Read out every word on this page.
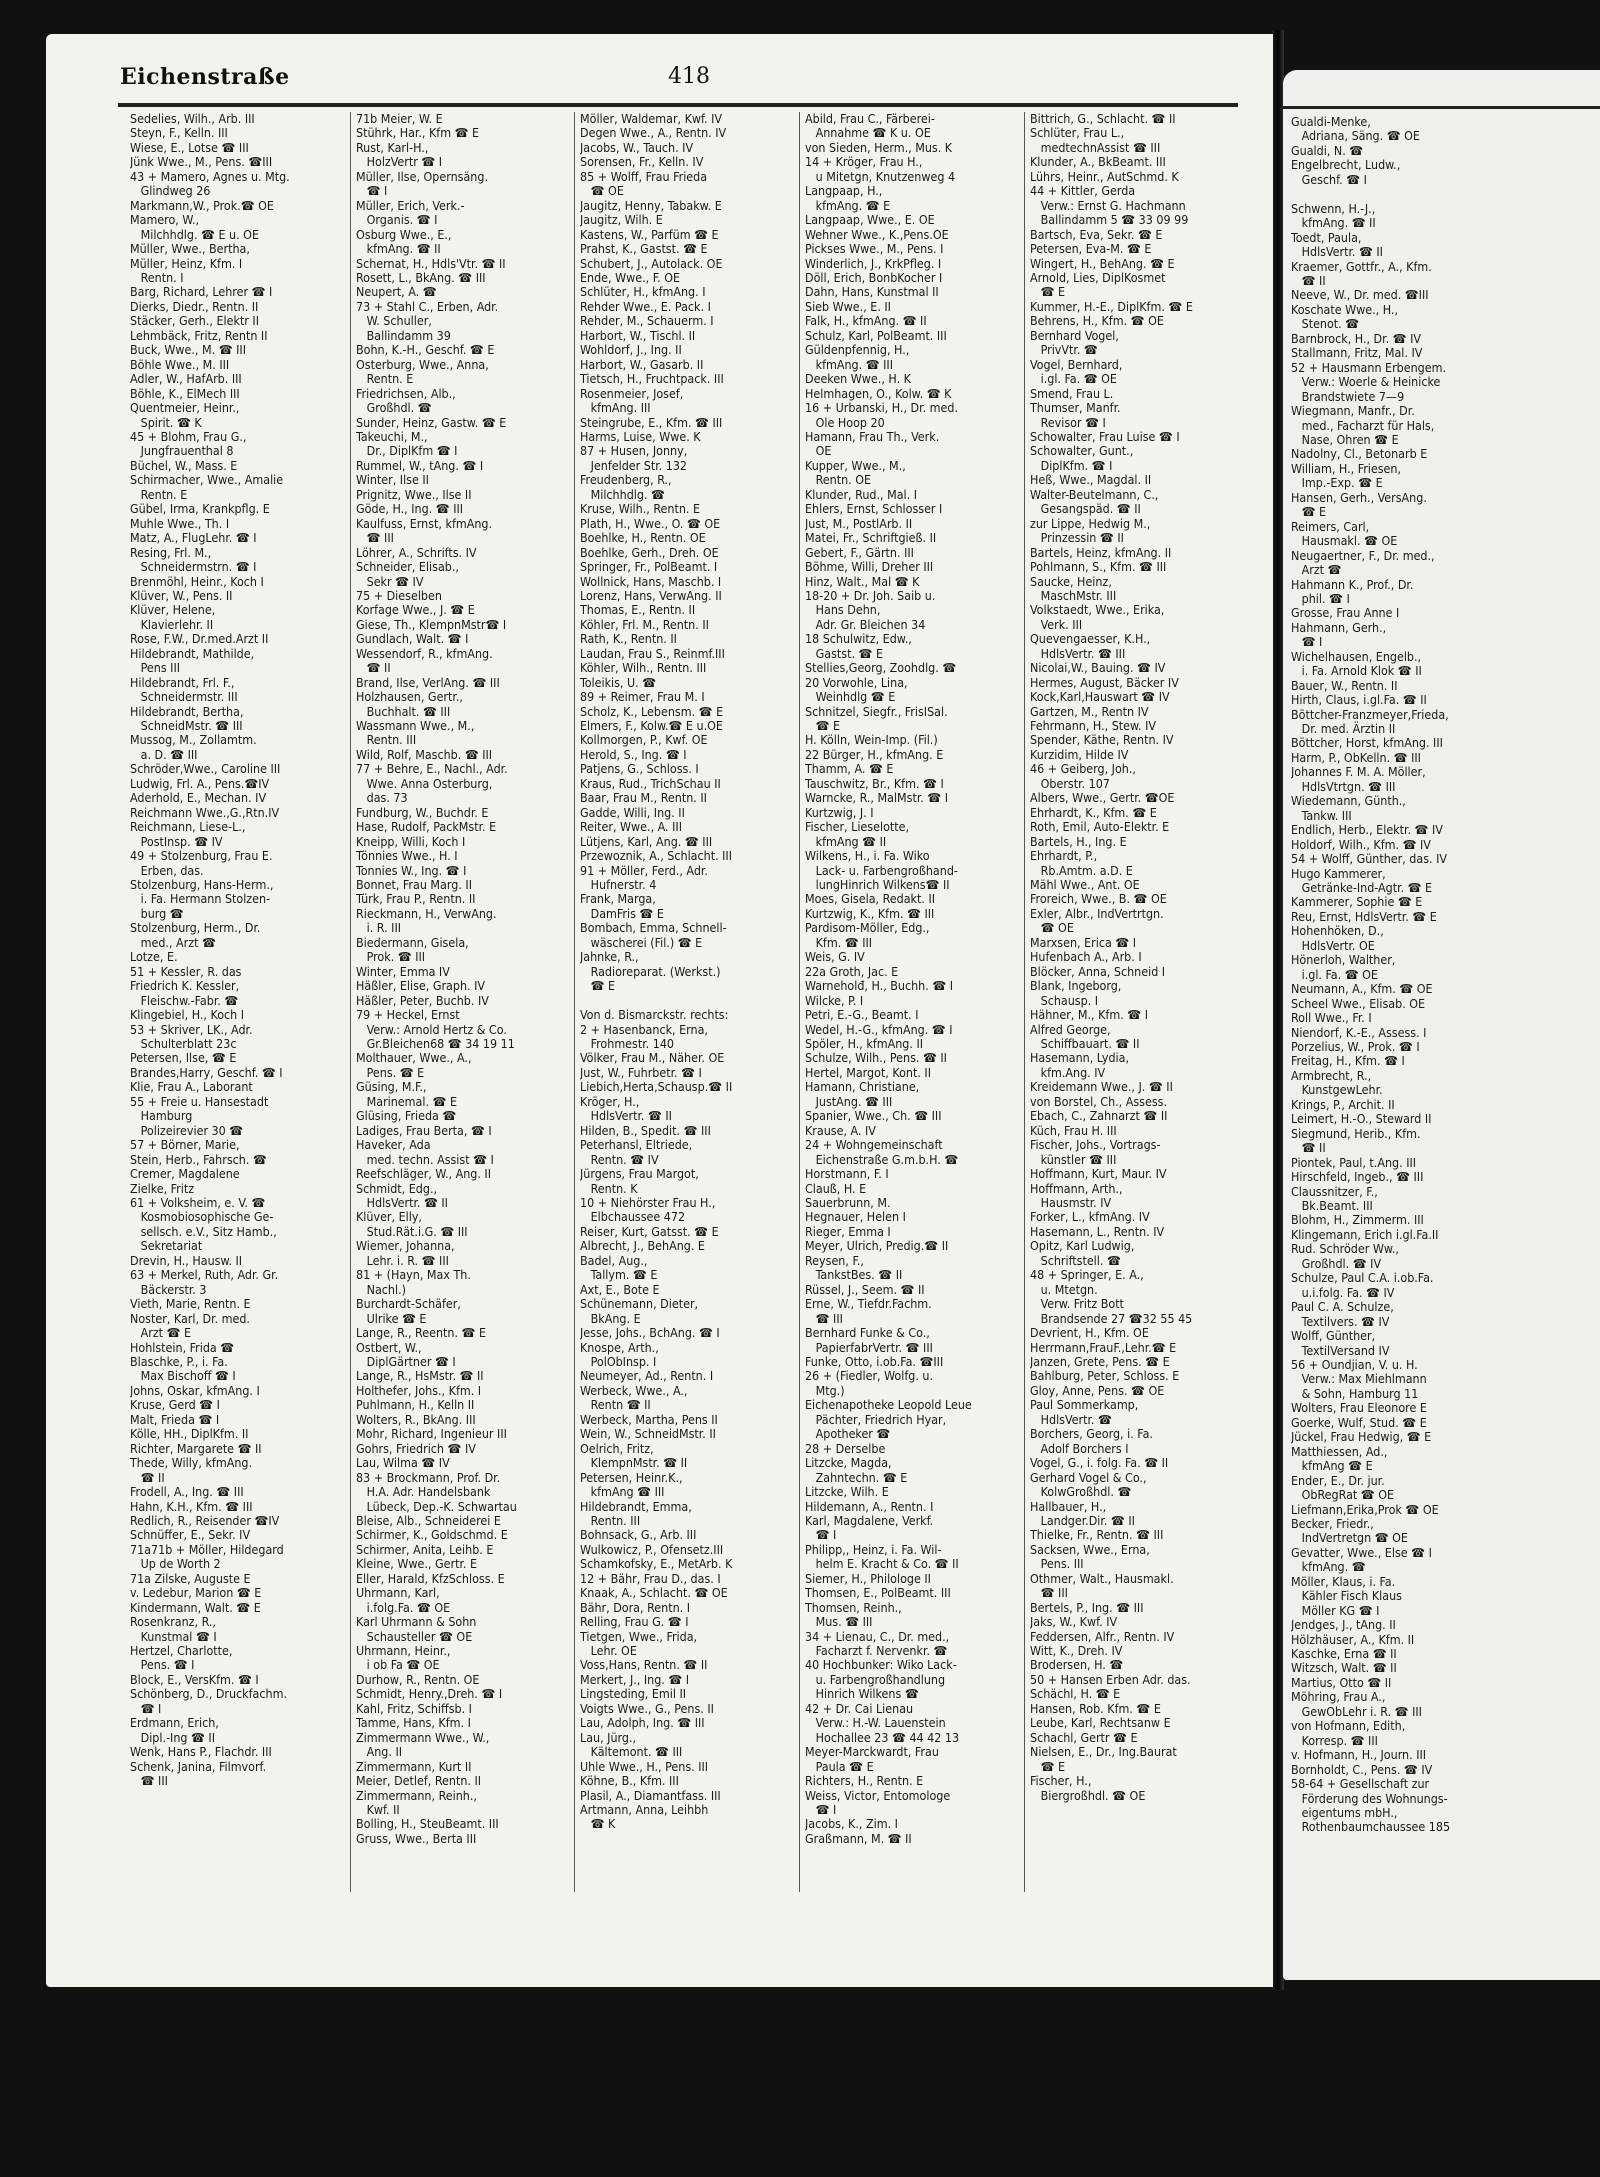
Eichenstraße	418
Sedelies, Wilh., Arb. III
Steyn, F., Kelln. III
Wiese, E., Lotse ☎ III
Jünk Wwe., M., Pens. ☎III
43 + Mamero, Agnes u. Mtg.
Glindweg 26
Markmann,W., Prok.☎ OE
Mamero, W.,
Milchhdlg. ☎ E u. OE
Müller, Wwe., Bertha,
Müller, Heinz, Kfm. I
Rentn. I
Barg, Richard, Lehrer ☎ I
Dierks, Diedr., Rentn. II
Stäcker, Gerh., Elektr II
Lehmbäck, Fritz, Rentn II
Buck, Wwe., M. ☎ III
Böhle Wwe., M. III
Adler, W., HafArb. III
Böhle, K., ElMech III
Quentmeier, Heinr.,
Spirit. ☎ K
45 + Blohm, Frau G.,
Jungfrauenthal 8
Büchel, W., Mass. E
Schirmacher, Wwe., Amalie
Rentn. E
Gübel, Irma, Krankpflg. E
Muhle Wwe., Th. I
Matz, A., FlugLehr. ☎ I
Resing, Frl. M.,
Schneidermstrn. ☎ I
Brenmöhl, Heinr., Koch I
Klüver, W., Pens. II
Klüver, Helene,
Klavierlehr. II
Rose, F.W., Dr.med.Arzt II
Hildebrandt, Mathilde,
Pens III
Hildebrandt, Frl. F.,
Schneidermstr. III
Hildebrandt, Bertha,
SchneidMstr. ☎ III
Mussog, M., Zollamtm.
a. D. ☎ III
Schröder,Wwe., Caroline III
Ludwig, Frl. A., Pens.☎IV
Aderhold, E., Mechan. IV
Reichmann Wwe.,G.,Rtn.IV
Reichmann, Liese-L.,
PostInsp. ☎ IV
49 + Stolzenburg, Frau E.
Erben, das.
Stolzenburg, Hans-Herm.,
i. Fa. Hermann Stolzen-
burg ☎
Stolzenburg, Herm., Dr.
med., Arzt ☎
Lotze, E.
51 + Kessler, R. das
Friedrich K. Kessler,
Fleischw.-Fabr. ☎
Klingebiel, H., Koch I
53 + Skriver, LK., Adr.
Schulterblatt 23c
Petersen, Ilse, ☎ E
Brandes,Harry, Geschf. ☎ I
Klie, Frau A., Laborant
55 + Freie u. Hansestadt
Hamburg
Polizeirevier 30 ☎
57 + Börner, Marie,
Stein, Herb., Fahrsch. ☎
Cremer, Magdalene
Zielke, Fritz
61 + Volksheim, e. V. ☎
Kosmobiosophische Ge-
sellsch. e.V., Sitz Hamb.,
Sekretariat
Drevin, H., Hausw. II
63 + Merkel, Ruth, Adr. Gr.
Bäckerstr. 3
Vieth, Marie, Rentn. E
Noster, Karl, Dr. med.
Arzt ☎ E
Hohlstein, Frida ☎
Blaschke, P., i. Fa.
Max Bischoff ☎ I
Johns, Oskar, kfmAng. I
Kruse, Gerd ☎ I
Malt, Frieda ☎ I
Kölle, HH., DiplKfm. II
Richter, Margarete ☎ II
Thede, Willy, kfmAng.
☎ II
Frodell, A., Ing. ☎ III
Hahn, K.H., Kfm. ☎ III
Redlich, R., Reisender ☎IV
Schnüffer, E., Sekr. IV
71a71b + Möller, Hildegard
Up de Worth 2
71a Zilske, Auguste E
v. Ledebur, Marion ☎ E
Kindermann, Walt. ☎ E
Rosenkranz, R.,
Kunstmal ☎ I
Hertzel, Charlotte,
Pens. ☎ I
Block, E., VersKfm. ☎ I
Schönberg, D., Druckfachm.
☎ I
Erdmann, Erich,
Dipl.-Ing ☎ II
Wenk, Hans P., Flachdr. III
Schenk, Janina, Filmvorf.
☎ III
71b Meier, W. E
Stührk, Har., Kfm ☎ E
Rust, Karl-H.,
HolzVertr ☎ I
Müller, Ilse, Opernsäng.
☎ I
Müller, Erich, Verk.-
Organis. ☎ I
Osburg Wwe., E.,
kfmAng. ☎ II
Schernat, H., Hdls'Vtr. ☎ II
Rosett, L., BkAng. ☎ III
Neupert, A. ☎
73 + Stahl C., Erben, Adr.
W. Schuller,
Ballindamm 39
Bohn, K.-H., Geschf. ☎ E
Osterburg, Wwe., Anna,
Rentn. E
Friedrichsen, Alb.,
Großhdl. ☎
Sunder, Heinz, Gastw. ☎ E
Takeuchi, M.,
Dr., DiplKfm ☎ I
Rummel, W., tAng. ☎ I
Winter, Ilse II
Prignitz, Wwe., Ilse II
Göde, H., Ing. ☎ III
Kaulfuss, Ernst, kfmAng.
☎ III
Löhrer, A., Schrifts. IV
Schneider, Elisab.,
Sekr ☎ IV
75 + Dieselben
Korfage Wwe., J. ☎ E
Giese, Th., KlempnMstr☎ I
Gundlach, Walt. ☎ I
Wessendorf, R., kfmAng.
☎ II
Brand, Ilse, VerlAng. ☎ III
Holzhausen, Gertr.,
Buchhalt. ☎ III
Wassmann Wwe., M.,
Rentn. III
Wild, Rolf, Maschb. ☎ III
77 + Behre, E., Nachl., Adr.
Wwe. Anna Osterburg,
das. 73
Fundburg, W., Buchdr. E
Hase, Rudolf, PackMstr. E
Kneipp, Willi, Koch I
Tönnies Wwe., H. I
Tonnies W., Ing. ☎ I
Bonnet, Frau Marg. II
Türk, Frau P., Rentn. II
Rieckmann, H., VerwAng.
i. R. III
Biedermann, Gisela,
Prok. ☎ III
Winter, Emma IV
Häßler, Elise, Graph. IV
Häßler, Peter, Buchb. IV
79 + Heckel, Ernst
Verw.: Arnold Hertz & Co.
Gr.Bleichen68 ☎ 34 19 11
Molthauer, Wwe., A.,
Pens. ☎ E
Güsing, M.F.,
Marinemal. ☎ E
Glüsing, Frieda ☎
Ladiges, Frau Berta, ☎ I
Haveker, Ada
med. techn. Assist ☎ I
Reefschläger, W., Ang. II
Schmidt, Edg.,
HdlsVertr. ☎ II
Klüver, Elly,
Stud.Rät.i.G. ☎ III
Wiemer, Johanna,
Lehr. i. R. ☎ III
81 + (Hayn, Max Th.
Nachl.)
Burchardt-Schäfer,
Ulrike ☎ E
Lange, R., Reentn. ☎ E
Ostbert, W.,
DiplGärtner ☎ I
Lange, R., HsMstr. ☎ II
Holthefer, Johs., Kfm. I
Puhlmann, H., Kelln II
Wolters, R., BkAng. III
Mohr, Richard, Ingenieur III
Gohrs, Friedrich ☎ IV
Lau, Wilma ☎ IV
83 + Brockmann, Prof. Dr.
H.A. Adr. Handelsbank
Lübeck, Dep.-K. Schwartau
Bleise, Alb., Schneiderei E
Schirmer, K., Goldschmd. E
Schirmer, Anita, Leihb. E
Kleine, Wwe., Gertr. E
Eller, Harald, KfzSchloss. E
Uhrmann, Karl,
i.folg.Fa. ☎ OE
Karl Uhrmann & Sohn
Schausteller ☎ OE
Uhrmann, Heinr.,
i ob Fa ☎ OE
Durhow, R., Rentn. OE
Schmidt, Henry.,Dreh. ☎ I
Kahl, Fritz, Schiffsb. I
Tamme, Hans, Kfm. I
Zimmermann Wwe., W.,
Ang. II
Zimmermann, Kurt II
Meier, Detlef, Rentn. II
Zimmermann, Reinh.,
Kwf. II
Bolling, H., SteuBeamt. III
Gruss, Wwe., Berta III
Möller, Waldemar, Kwf. IV
Degen Wwe., A., Rentn. IV
Jacobs, W., Tauch. IV
Sorensen, Fr., Kelln. IV
85 + Wolff, Frau Frieda
☎ OE
Jaugitz, Henny, Tabakw. E
Jaugitz, Wilh. E
Kastens, W., Parfüm ☎ E
Prahst, K., Gastst. ☎ E
Schubert, J., Autolack. OE
Ende, Wwe., F. OE
Schlüter, H., kfmAng. I
Rehder Wwe., E. Pack. I
Rehder, M., Schauerm. I
Harbort, W., Tischl. II
Wohldorf, J., Ing. II
Harbort, W., Gasarb. II
Tietsch, H., Fruchtpack. III
Rosenmeier, Josef,
kfmAng. III
Steingrube, E., Kfm. ☎ III
Harms, Luise, Wwe. K
87 + Husen, Jonny,
Jenfelder Str. 132
Freudenberg, R.,
Milchhdlg. ☎
Kruse, Wilh., Rentn. E
Plath, H., Wwe., O. ☎ OE
Boehlke, H., Rentn. OE
Boehlke, Gerh., Dreh. OE
Springer, Fr., PolBeamt. I
Wollnick, Hans, Maschb. I
Lorenz, Hans, VerwAng. II
Thomas, E., Rentn. II
Köhler, Frl. M., Rentn. II
Rath, K., Rentn. II
Laudan, Frau S., Reinmf.III
Köhler, Wilh., Rentn. III
Toleikis, U. ☎
89 + Reimer, Frau M. I
Scholz, K., Lebensm. ☎ E
Elmers, F., Kolw.☎ E u.OE
Kollmorgen, P., Kwf. OE
Herold, S., Ing. ☎ I
Patjens, G., Schloss. I
Kraus, Rud., TrichSchau II
Baar, Frau M., Rentn. II
Gadde, Willi, Ing. II
Reiter, Wwe., A. III
Lütjens, Karl, Ang. ☎ III
Przewoznik, A., Schlacht. III
91 + Möller, Ferd., Adr.
Hufnerstr. 4
Frank, Marga,
DamFris ☎ E
Bombach, Emma, Schnell-
wäscherei (Fil.) ☎ E
Jahnke, R.,
Radioreparat. (Werkst.)
☎ E

Von d. Bismarckstr. rechts:
2 + Hasenbanck, Erna,
Frohmestr. 140
Völker, Frau M., Näher. OE
Just, W., Fuhrbetr. ☎ I
Liebich,Herta,Schausp.☎ II
Kröger, H.,
HdlsVertr. ☎ II
Hilden, B., Spedit. ☎ III
Peterhansl, Eltriede,
Rentn. ☎ IV
Jürgens, Frau Margot,
Rentn. K
10 + Niehörster Frau H.,
Elbchaussee 472
Reiser, Kurt, Gatsst. ☎ E
Albrecht, J., BehAng. E
Badel, Aug.,
Tallym. ☎ E
Axt, E., Bote E
Schünemann, Dieter,
BkAng. E
Jesse, Johs., BchAng. ☎ I
Knospe, Arth.,
PolObInsp. I
Neumeyer, Ad., Rentn. I
Werbeck, Wwe., A.,
Rentn ☎ II
Werbeck, Martha, Pens II
Wein, W., SchneidMstr. II
Oelrich, Fritz,
KlempnMstr. ☎ II
Petersen, Heinr.K.,
kfmAng ☎ III
Hildebrandt, Emma,
Rentn. III
Bohnsack, G., Arb. III
Wulkowicz, P., Ofensetz.III
Schamkofsky, E., MetArb. K
12 + Bähr, Frau D., das. I
Knaak, A., Schlacht. ☎ OE
Bähr, Dora, Rentn. I
Relling, Frau G. ☎ I
Tietgen, Wwe., Frida,
Lehr. OE
Voss,Hans, Rentn. ☎ II
Merkert, J., Ing. ☎ I
Lingsteding, Emil II
Voigts Wwe., G., Pens. II
Lau, Adolph, Ing. ☎ III
Lau, Jürg.,
Kältemont. ☎ III
Uhle Wwe., H., Pens. III
Köhne, B., Kfm. III
Plasil, A., Diamantfass. III
Artmann, Anna, Leihbh
☎ K
Abild, Frau C., Färberei-
Annahme ☎ K u. OE
von Sieden, Herm., Mus. K
14 + Kröger, Frau H.,
u Mitetgn, Knutzenweg 4
Langpaap, H.,
kfmAng. ☎ E
Langpaap, Wwe., E. OE
Wehner Wwe., K.,Pens.OE
Pickses Wwe., M., Pens. I
Winderlich, J., KrkPfleg. I
Döll, Erich, BonbKocher I
Dahn, Hans, Kunstmal II
Sieb Wwe., E. II
Falk, H., kfmAng. ☎ II
Schulz, Karl, PolBeamt. III
Güldenpfennig, H.,
kfmAng. ☎ III
Deeken Wwe., H. K
Helmhagen, O., Kolw. ☎ K
16 + Urbanski, H., Dr. med.
Ole Hoop 20
Hamann, Frau Th., Verk.
OE
Kupper, Wwe., M.,
Rentn. OE
Klunder, Rud., Mal. I
Ehlers, Ernst, Schlosser I
Just, M., PostlArb. II
Matei, Fr., Schriftgieß. II
Gebert, F., Gärtn. III
Böhme, Willi, Dreher III
Hinz, Walt., Mal ☎ K
18-20 + Dr. Joh. Saib u.
Hans Dehn,
Adr. Gr. Bleichen 34
18 Schulwitz, Edw.,
Gastst. ☎ E
Stellies,Georg, Zoohdlg. ☎
20 Vorwohle, Lina,
Weinhdlg ☎ E
Schnitzel, Siegfr., FrisISal.
☎ E
H. Kölln, Wein-Imp. (Fil.)
22 Bürger, H., kfmAng. E
Thamm, A. ☎ E
Tauschwitz, Br., Kfm. ☎ I
Warncke, R., MalMstr. ☎ I
Kurtzwig, J. I
Fischer, Lieselotte,
kfmAng ☎ II
Wilkens, H., i. Fa. Wiko
Lack- u. Farbengroßhand-
lungHinrich Wilkens☎ II
Moes, Gisela, Redakt. II
Kurtzwig, K., Kfm. ☎ III
Pardisom-Möller, Edg.,
Kfm. ☎ III
Weis, G. IV
22a Groth, Jac. E
Warneholđ, H., Buchh. ☎ I
Wilcke, P. I
Petri, E.-G., Beamt. I
Wedel, H.-G., kfmAng. ☎ I
Spöler, H., kfmAng. II
Schulze, Wilh., Pens. ☎ II
Hertel, Margot, Kont. II
Hamann, Christiane,
JustAng. ☎ III
Spanier, Wwe., Ch. ☎ III
Krause, A. IV
24 + Wohngemeinschaft
Eichenstraße G.m.b.H. ☎
Horstmann, F. I
Clauß, H. E
Sauerbrunn, M.
Hegnauer, Helen I
Rieger, Emma I
Meyer, Ulrich, Predig.☎ II
Reysen, F.,
TankstBes. ☎ II
Rüssel, J., Seem. ☎ II
Erne, W., Tiefdr.Fachm.
☎ III
Bernhard Funke & Co.,
PapierfabrVertr. ☎ III
Funke, Otto, i.ob.Fa. ☎III
26 + (Fiedler, Wolfg. u.
Mtg.)
Eichenapotheke Leopold Leue
Pächter, Friedrich Hyar,
Apotheker ☎
28 + Derselbe
Litzcke, Magda,
Zahntechn. ☎ E
Litzcke, Wilh. E
Hildemann, A., Rentn. I
Karl, Magdalene, Verkf.
☎ I
Philipp,, Heinz, i. Fa. Wil-
helm E. Kracht & Co. ☎ II
Siemer, H., Philologe II
Thomsen, E., PolBeamt. III
Thomsen, Reinh.,
Mus. ☎ III
34 + Lienau, C., Dr. med.,
Facharzt f. Nervenkr. ☎
40 Hochbunker: Wiko Lack-
u. Farbengroßhandlung
Hinrich Wilkens ☎
42 + Dr. Cai Lienau
Verw.: H.-W. Lauenstein
Hochallee 23 ☎ 44 42 13
Meyer-Marckwardt, Frau
Paula ☎ E
Richters, H., Rentn. E
Weiss, Victor, Entomologe
☎ I
Jacobs, K., Zim. I
Graßmann, M. ☎ II
Bittrich, G., Schlacht. ☎ II
Schlüter, Frau L.,
medtechnAssist ☎ III
Klunder, A., BkBeamt. III
Lührs, Heinr., AutSchmd. K
44 + Kittler, Gerda
Verw.: Ernst G. Hachmann
Ballindamm 5 ☎ 33 09 99
Bartsch, Eva, Sekr. ☎ E
Petersen, Eva-M. ☎ E
Wingert, H., BehAng. ☎ E
Arnold, Lies, DiplKosmet
☎ E
Kummer, H.-E., DiplKfm. ☎ E
Behrens, H., Kfm. ☎ OE
Bernhard Vogel,
PrivVtr. ☎
Vogel, Bernhard,
i.gl. Fa. ☎ OE
Smend, Frau L.
Thumser, Manfr.
Revisor ☎ I
Schowalter, Frau Luise ☎ I
Schowalter, Gunt.,
DiplKfm. ☎ I
Heß, Wwe., Magdal. II
Walter-Beutelmann, C.,
Gesangspäd. ☎ II
zur Lippe, Hedwig M.,
Prinzessin ☎ II
Bartels, Heinz, kfmAng. II
Pohlmann, S., Kfm. ☎ III
Saucke, Heinz,
MaschMstr. III
Volkstaedt, Wwe., Erika,
Verk. III
Quevengaesser, K.H.,
HdlsVertr. ☎ III
Nicolai,W., Bauing. ☎ IV
Hermes, August, Bäcker IV
Kock,Karl,Hauswart ☎ IV
Gartzen, M., Rentn IV
Fehrmann, H., Stew. IV
Spender, Käthe, Rentn. IV
Kurzidim, Hilde IV
46 + Geiberg, Joh.,
Oberstr. 107
Albers, Wwe., Gertr. ☎OE
Ehrhardt, K., Kfm. ☎ E
Roth, Emil, Auto-Elektr. E
Bartels, H., Ing. E
Ehrhardt, P.,
Rb.Amtm. a.D. E
Mähl Wwe., Ant. OE
Froreich, Wwe., B. ☎ OE
Exler, Albr., IndVertrtgn.
☎ OE
Marxsen, Erica ☎ I
Hufenbach A., Arb. I
Blöcker, Anna, Schneid I
Blank, Ingeborg,
Schausp. I
Hähner, M., Kfm. ☎ I
Alfred George,
Schiffbauart. ☎ II
Hasemann, Lydia,
kfm.Ang. IV
Kreidemann Wwe., J. ☎ II
von Borstel, Ch., Assess.
Ebach, C., Zahnarzt ☎ II
Küch, Frau H. III
Fischer, Johs., Vortrags-
künstler ☎ III
Hoffmann, Kurt, Maur. IV
Hoffmann, Arth.,
Hausmstr. IV
Forker, L., kfmAng. IV
Hasemann, L., Rentn. IV
Opitz, Karl Ludwig,
Schriftstell. ☎
48 + Springer, E. A.,
u. Mtetgn.
Verw. Fritz Bott
Brandsende 27 ☎32 55 45
Devrient, H., Kfm. OE
Herrmann,FrauF.,Lehr.☎ E
Janzen, Grete, Pens. ☎ E
Bahlburg, Peter, Schloss. E
Gloy, Anne, Pens. ☎ OE
Paul Sommerkamp,
HdlsVertr. ☎
Borchers, Georg, i. Fa.
Adolf Borchers I
Vogel, G., i. folg. Fa. ☎ II
Gerhard Vogel & Co.,
KolwGroßhdl. ☎
Hallbauer, H.,
Landger.Dir. ☎ II
Thielke, Fr., Rentn. ☎ III
Sacksen, Wwe., Erna,
Pens. III
Othmer, Walt., Hausmakl.
☎ III
Bertels, P., Ing. ☎ III
Jaks, W., Kwf. IV
Feddersen, Alfr., Rentn. IV
Witt, K., Dreh. IV
Brodersen, H. ☎
50 + Hansen Erben Adr. das.
Schächl, H. ☎ E
Hansen, Rob. Kfm. ☎ E
Leube, Karl, Rechtsanw E
Schachl, Gertr ☎ E
Nielsen, E., Dr., Ing.Baurat
☎ E
Fischer, H.,
Biergroßhdl. ☎ OE
Gualdi-Menke,
Adriana, Säng. ☎ OE
Gualdi, N. ☎
Engelbrecht, Ludw.,
Geschf. ☎ I

Schwenn, H.-J.,
kfmAng. ☎ II
Toedt, Paula,
HdlsVertr. ☎ II
Kraemer, Gottfr., A., Kfm.
☎ II
Neeve, W., Dr. med. ☎III
Koschate Wwe., H.,
Stenot. ☎
Barnbrock, H., Dr. ☎ IV
Stallmann, Fritz, Mal. IV
52 + Hausmann Erbengem.
Verw.: Woerle & Heinicke
Brandstwiete 7—9
Wiegmann, Manfr., Dr.
med., Facharzt für Hals,
Nase, Ohren ☎ E
Nadolny, Cl., Betonarb E
William, H., Friesen,
Imp.-Exp. ☎ E
Hansen, Gerh., VersAng.
☎ E
Reimers, Carl,
Hausmakl. ☎ OE
Neugaertner, F., Dr. med.,
Arzt ☎
Hahmann K., Prof., Dr.
phil. ☎ I
Grosse, Frau Anne I
Hahmann, Gerh.,
☎ I
Wichelhausen, Engelb.,
i. Fa. Arnold Klok ☎ II
Bauer, W., Rentn. II
Hirth, Claus, i.gl.Fa. ☎ II
Böttcher-Franzmeyer,Frieda,
Dr. med. Ärztin II
Böttcher, Horst, kfmAng. III
Harm, P., ObKelln. ☎ III
Johannes F. M. A. Möller,
HdlsVtrtgn. ☎ III
Wiedemann, Günth.,
Tankw. III
Endlich, Herb., Elektr. ☎ IV
Holdorf, Wilh., Kfm. ☎ IV
54 + Wolff, Günther, das. IV
Hugo Kammerer,
Getränke-Ind-Agtr. ☎ E
Kammerer, Sophie ☎ E
Reu, Ernst, HdlsVertr. ☎ E
Hohenhöken, D.,
HdlsVertr. OE
Hönerloh, Walther,
i.gl. Fa. ☎ OE
Neumann, A., Kfm. ☎ OE
Scheel Wwe., Elisab. OE
Roll Wwe., Fr. I
Niendorf, K.-E., Assess. I
Porzelius, W., Prok. ☎ I
Freitag, H., Kfm. ☎ I
Armbrecht, R.,
KunstgewLehr.
Krings, P., Archit. II
Leimert, H.-O., Steward II
Siegmund, Herib., Kfm.
☎ II
Piontek, Paul, t.Ang. III
Hirschfeld, Ingeb., ☎ III
Claussnitzer, F.,
Bk.Beamt. III
Blohm, H., Zimmerm. III
Klingemann, Erich i.gl.Fa.II
Rud. Schröder Ww.,
Großhdl. ☎ IV
Schulze, Paul C.A. i.ob.Fa.
u.i.folg. Fa. ☎ IV
Paul C. A. Schulze,
Textilvers. ☎ IV
Wolff, Günther,
TextilVersand IV
56 + Oundjian, V. u. H.
Verw.: Max Miehlmann
& Sohn, Hamburg 11
Wolters, Frau Eleonore E
Goerke, Wulf, Stud. ☎ E
Jückel, Frau Hedwig, ☎ E
Matthiessen, Ad.,
kfmAng ☎ E
Ender, E., Dr. jur.
ObRegRat ☎ OE
Liefmann,Erika,Prok ☎ OE
Becker, Friedr.,
IndVertretgn ☎ OE
Gevatter, Wwe., Else ☎ I
kfmAng. ☎
Möller, Klaus, i. Fa.
Kähler Fisch Klaus
Möller KG ☎ I
Jendges, J., tAng. II
Hölzhäuser, A., Kfm. II
Kaschke, Erna ☎ II
Witzsch, Walt. ☎ II
Martius, Otto ☎ II
Möhring, Frau A.,
GewObLehr i. R. ☎ III
von Hofmann, Edith,
Korresp. ☎ III
v. Hofmann, H., Journ. III
Bornholdt, C., Pens. ☎ IV
58-64 + Gesellschaft zur
Förderung des Wohnungs-
eigentums mbH.,
Rothenbaumchaussee 185
